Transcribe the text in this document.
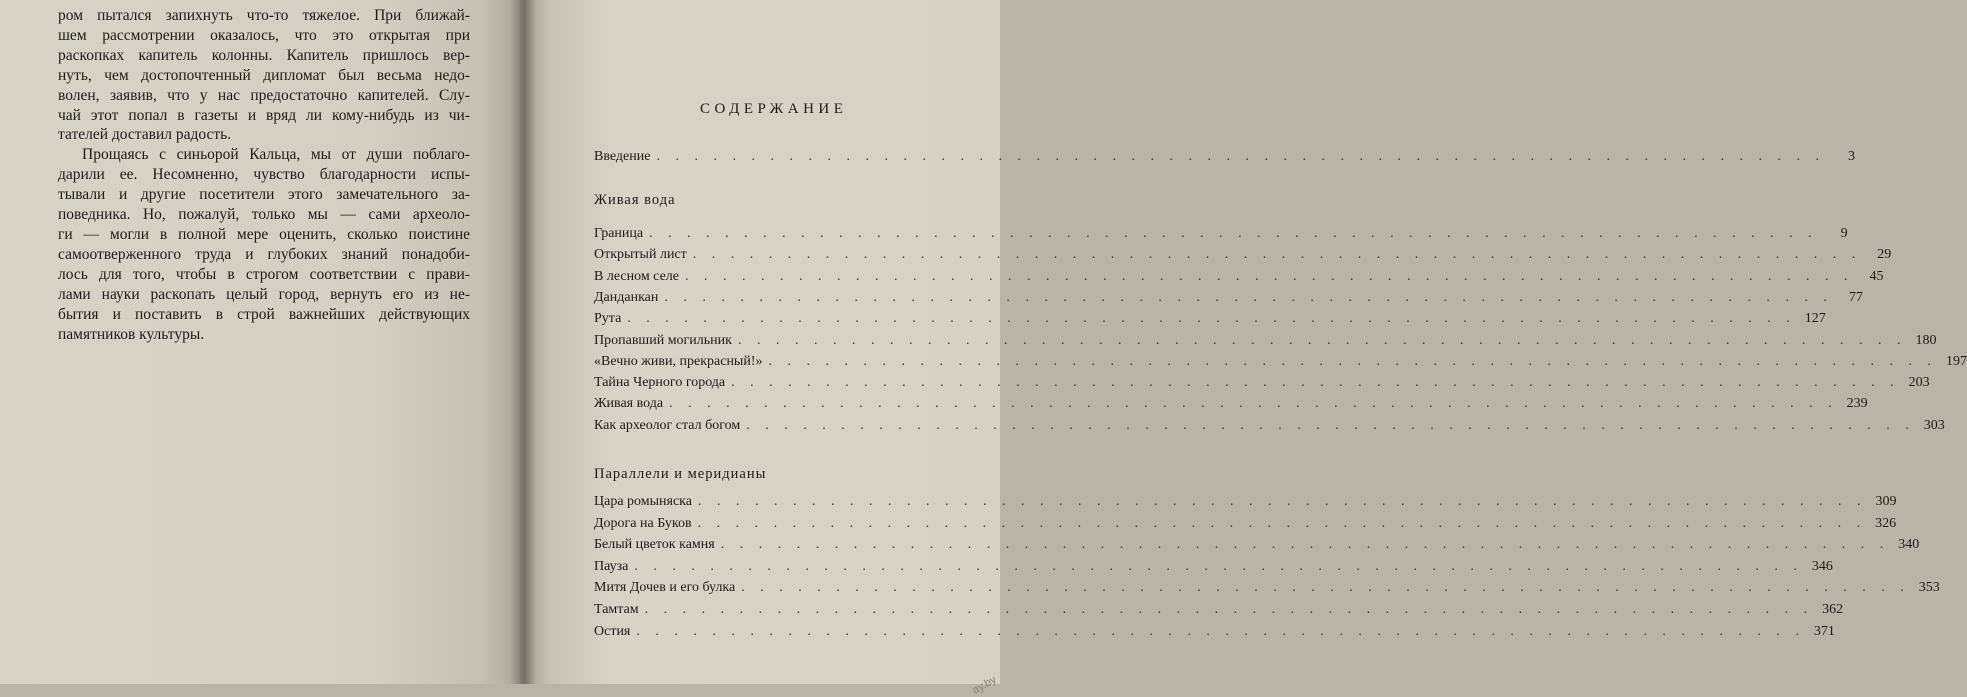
ром пытался запихнуть что-то тяжелое. При ближай-
шем рассмотрении оказалось, что это открытая при
раскопках капитель колонны. Капитель пришлось вер-
нуть, чем достопочтенный дипломат был весьма недо-
волен, заявив, что у нас предостаточно капителей. Слу-
чай этот попал в газеты и вряд ли кому-нибудь из чи-
тателей доставил радость.

Прощаясь с синьорой Кальца, мы от души поблаго-
дарили ее. Несомненно, чувство благодарности испы-
тывали и другие посетители этого замечательного за-
поведника. Но, пожалуй, только мы — сами археоло-
ги — могли в полной мере оценить, сколько поистине
самоотверженного труда и глубоких знаний понадоби-
лось для того, чтобы в строгом соответствии с прави-
лами науки раскопать целый город, вернуть его из не-
бытия и поставить в строй важнейших действующих
памятников культуры.

СОДЕРЖАНИЕ
Введение . . .	3
Живая вода
Граница . . .	9
Открытый лист . . .	29
В лесном селе . . .	45
Данданкан . . .	77
Рута . . .	127
Пропавший могильник . . .	180
«Вечно живи, прекрасный!» . . .	197
Тайна Черного города . . .	203
Живая вода . . .	239
Как археолог стал богом . . .	303
Параллели и меридианы
Цара ромыняска . . .	309
Дорога на Буков . . .	326
Белый цветок камня . . .	340
Пауза . . .	346
Митя Дочев и его булка . . .	353
Тамтам . . .	362
Остия . . .	371
ay.by
